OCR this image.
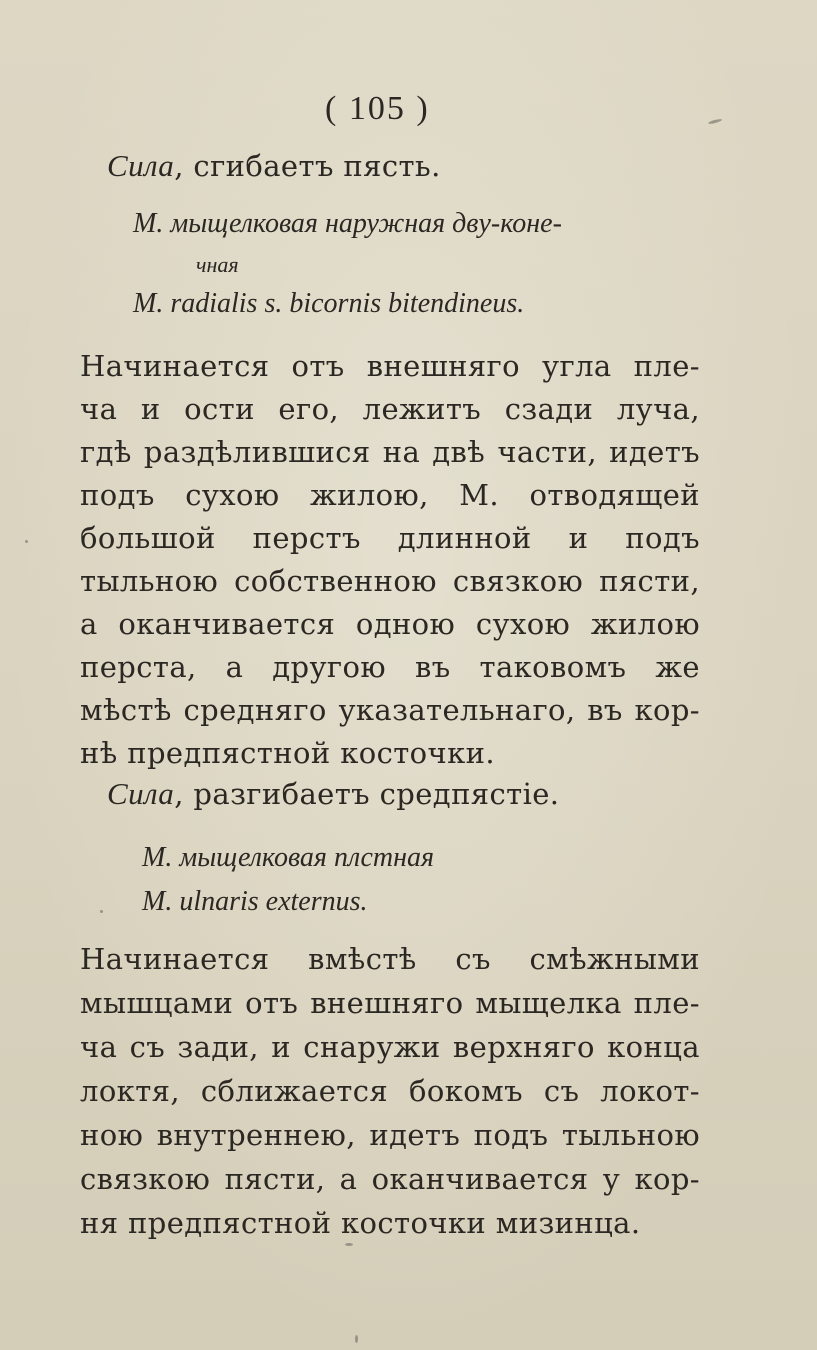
( 105 )
Сила, сгибаетъ пясть.
М. мыщелковая наружная дву-коне-
чная
M. radialis s. bicornis bitendineus.
Начинается отъ внешняго угла пле-
ча и ости его, лежитъ сзади луча,
гдѣ раздѣлившися на двѣ части, идетъ
подъ сухою жилою, М. отводящей
большой перстъ длинной и подъ
тыльною собственною связкою пясти,
а оканчивается одною сухою жилою
перста, а другою въ таковомъ же
мѣстѣ средняго указательнаго, въ кор-
нѣ предпястной косточки.
Сила, разгибаетъ средпястіе.
М. мыщелковая плстная
M. ulnaris externus.
Начинается вмѣстѣ съ смѣжными
мышцами отъ внешняго мыщелка пле-
ча съ зади, и снаружи верхняго конца
локтя, сближается бокомъ съ локот-
ною внутреннею, идетъ подъ тыльною
связкою пясти, а оканчивается у кор-
ня предпястной косточки мизинца.
